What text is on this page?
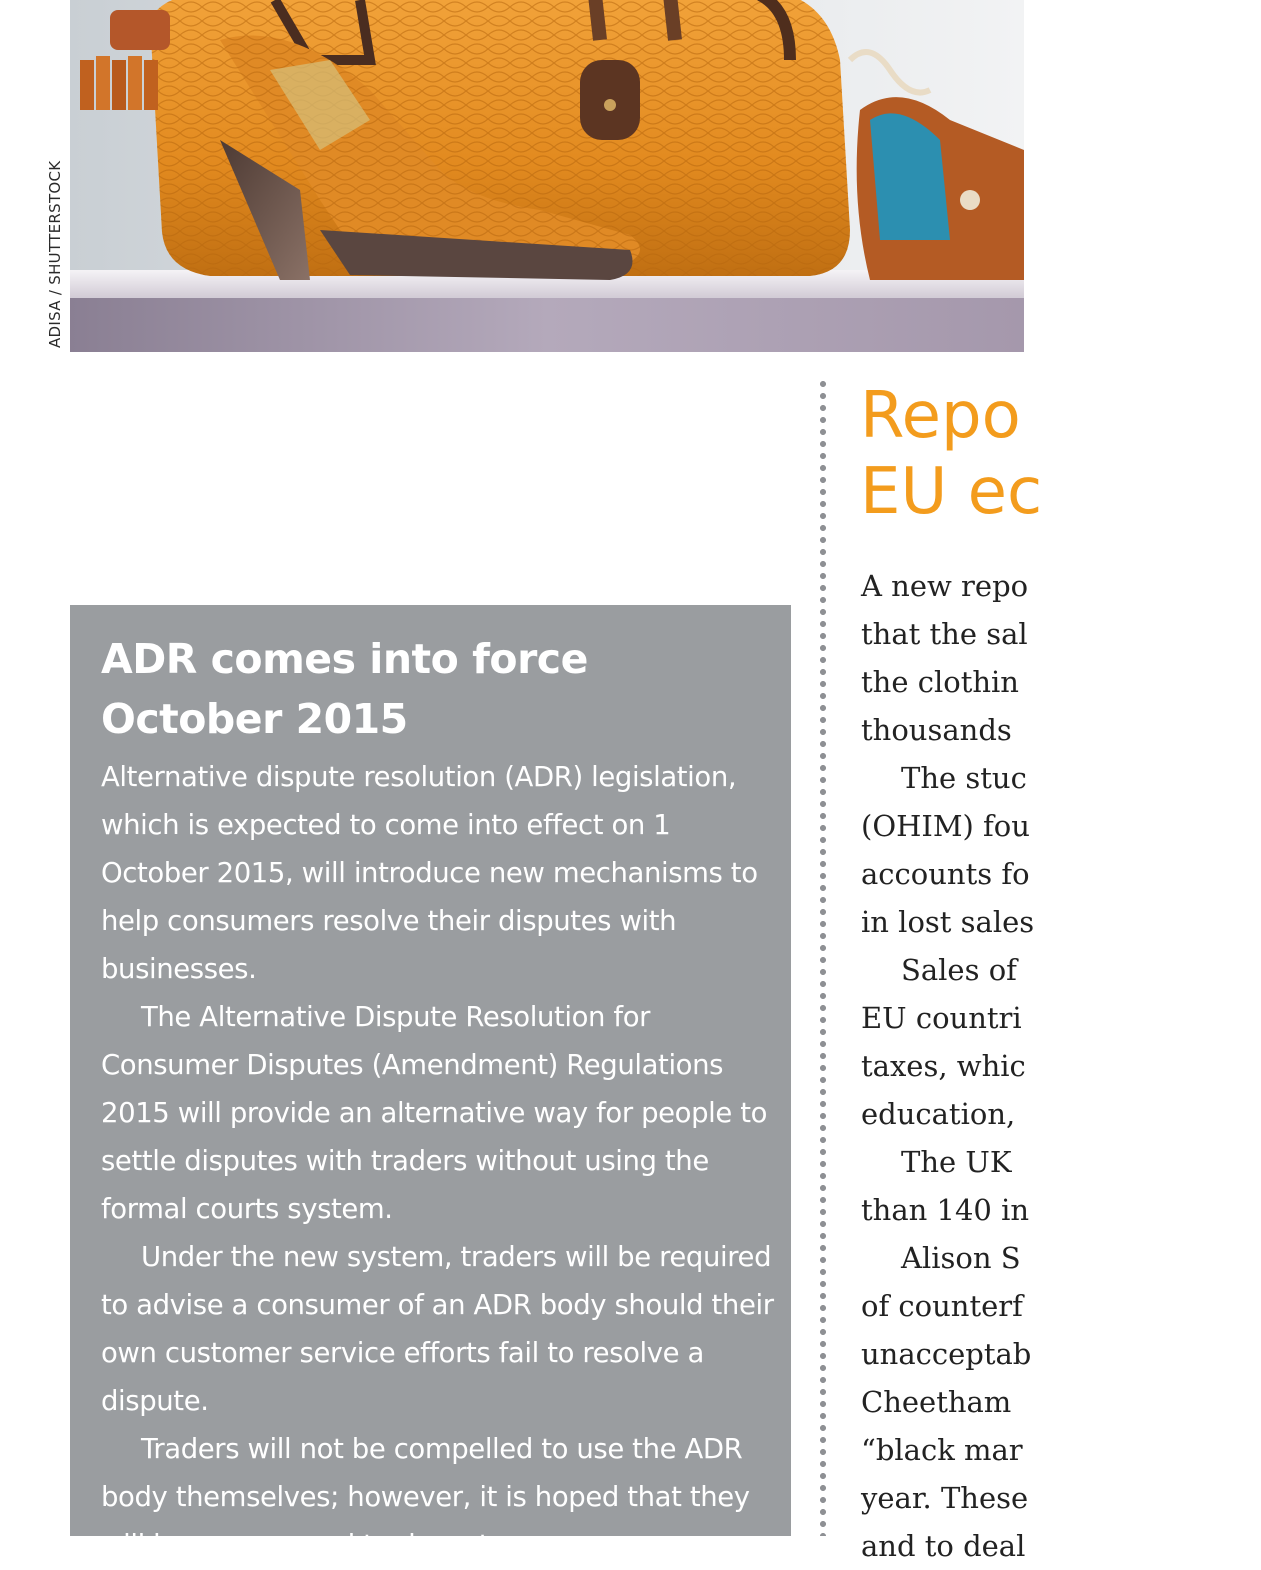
ADISA / SHUTTERSTOCK
ADR comes into force
October 2015

Alternative dispute resolution (ADR) legislation, which is expected to come into effect on 1 October 2015, will introduce new mechanisms to help consumers resolve their disputes with businesses.

The Alternative Dispute Resolution for Consumer Disputes (Amendment) Regulations 2015 will provide an alternative way for people to settle disputes with traders without using the formal courts system.

Under the new system, traders will be required to advise a consumer of an ADR body should their own customer service efforts fail to resolve a dispute.

Traders will not be compelled to use the ADR body themselves; however, it is hoped that they will be encouraged to do so to

Repo
EU ec
A new repo
that the sal
the clothin
thousands
The stuc
(OHIM) fou
accounts fo
in lost sales
Sales of
EU countri
taxes, whic
education,
The UK
than 140 in
Alison S
of counterf
unacceptab
Cheetham
“black mar
year. These
and to deal
